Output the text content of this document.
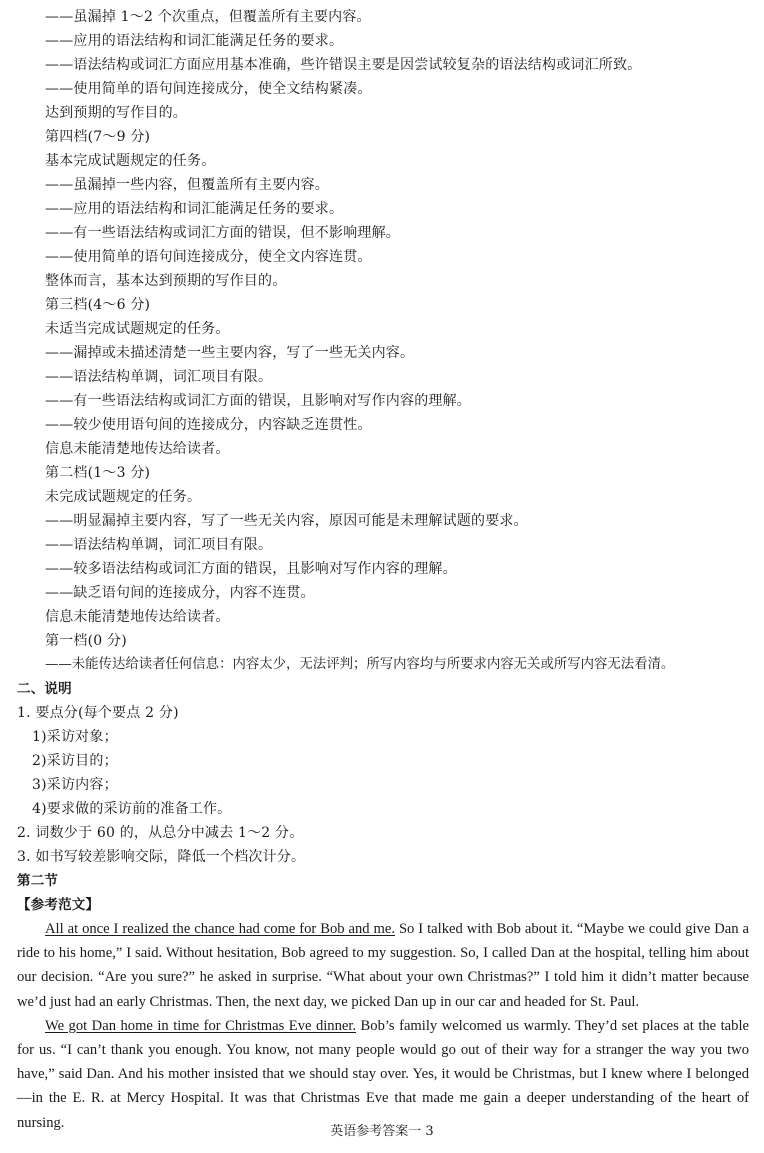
——虽漏掉 1～2 个次重点，但覆盖所有主要内容。
——应用的语法结构和词汇能满足任务的要求。
——语法结构或词汇方面应用基本准确，些许错误主要是因尝试较复杂的语法结构或词汇所致。
——使用简单的语句间连接成分，使全文结构紧凑。
达到预期的写作目的。
第四档(7～9 分)
基本完成试题规定的任务。
——虽漏掉一些内容，但覆盖所有主要内容。
——应用的语法结构和词汇能满足任务的要求。
——有一些语法结构或词汇方面的错误，但不影响理解。
——使用简单的语句间连接成分，使全文内容连贯。
整体而言，基本达到预期的写作目的。
第三档(4～6 分)
未适当完成试题规定的任务。
——漏掉或未描述清楚一些主要内容，写了一些无关内容。
——语法结构单调，词汇项目有限。
——有一些语法结构或词汇方面的错误，且影响对写作内容的理解。
——较少使用语句间的连接成分，内容缺乏连贯性。
信息未能清楚地传达给读者。
第二档(1～3 分)
未完成试题规定的任务。
——明显漏掉主要内容，写了一些无关内容，原因可能是未理解试题的要求。
——语法结构单调，词汇项目有限。
——较多语法结构或词汇方面的错误，且影响对写作内容的理解。
——缺乏语句间的连接成分，内容不连贯。
信息未能清楚地传达给读者。
第一档(0 分)
——未能传达给读者任何信息：内容太少，无法评判；所写内容均与所要求内容无关或所写内容无法看清。
二、说明
1. 要点分(每个要点 2 分)
1)采访对象；
2)采访目的；
3)采访内容；
4)要求做的采访前的准备工作。
2. 词数少于 60 的，从总分中减去 1～2 分。
3. 如书写较差影响交际，降低一个档次计分。
第二节
【参考范文】

All at once I realized the chance had come for Bob and me. So I talked with Bob about it. “Maybe we could give Dan a ride to his home,” I said. Without hesitation, Bob agreed to my suggestion. So, I called Dan at the hospital, telling him about our decision. “Are you sure?” he asked in surprise. “What about your own Christmas?” I told him it didn’t matter because we’d just had an early Christmas. Then, the next day, we picked Dan up in our car and headed for St. Paul.

We got Dan home in time for Christmas Eve dinner. Bob’s family welcomed us warmly. They’d set places at the table for us. “I can’t thank you enough. You know, not many people would go out of their way for a stranger the way you two have,” said Dan. And his mother insisted that we should stay over. Yes, it would be Christmas, but I knew where I belonged—in the E. R. at Mercy Hospital. It was that Christmas Eve that made me gain a deeper understanding of the heart of nursing.

英语参考答案一 3
